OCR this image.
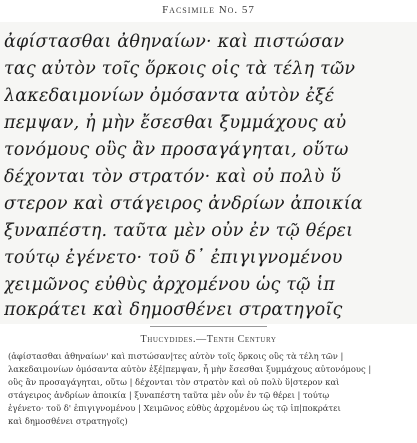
Facsimile No. 57
ἀφίστασθαι ἀθηναίων· καὶ πιστώσαν
τας αὐτὸν τοῖς ὅρκοις οἷς τὰ τέλη τῶν
λακεδαιμονίων ὀμόσαντα αὐτὸν ἐξέ
πεμψαν, ἦ μὴν ἔσεσθαι ξυμμάχους αὐ
τονόμους οὓς ἂν προσαγάγηται, οὕτω
δέχονται τὸν στρατόν· καὶ οὐ πολὺ ὕ
στερον καὶ στάγειρος ἀνδρίων ἀποικία
ξυναπέστη. ταῦτα μὲν οὖν ἐν τῷ θέρει
τούτῳ ἐγένετο· τοῦ δ᾽ ἐπιγιγνομένου
χειμῶνος εὐθὺς ἀρχομένου ὡς τῷ ἱπ
ποκράτει καὶ δημοσθένει στρατηγοῖς
Thucydides.—Tenth Century
(ἀφίστασθαι ἀθηναίων' καὶ πιστώσαν|τες αὐτὸν τοῖς ὅρκοις οὓς τὰ τέλη τῶν |
λακεδαιμονίων ὀμόσαντα αὐτὸν ἐξέ|πεμψαν, ἦ μὴν ἔσεσθαι ξυμμάχους αὐτονόμους |
οὓς ἂν προσαγάγηται, οὕτω | δέχονται τὸν στρατὸν καὶ οὐ πολὺ ὕ|στερον καὶ
στάγειρος ἀνδρίων ἀποικία | ξυναπέστη ταῦτα μὲν οὖν ἐν τῷ θέρει | τούτῳ
ἐγένετο· τοῦ δ' ἐπιγιγνομένου | Χειμῶνος εὐθὺς ἀρχομένου ὡς τῷ ἱπ|ποκράτει
καὶ δημοσθένει στρατηγοῖς)
